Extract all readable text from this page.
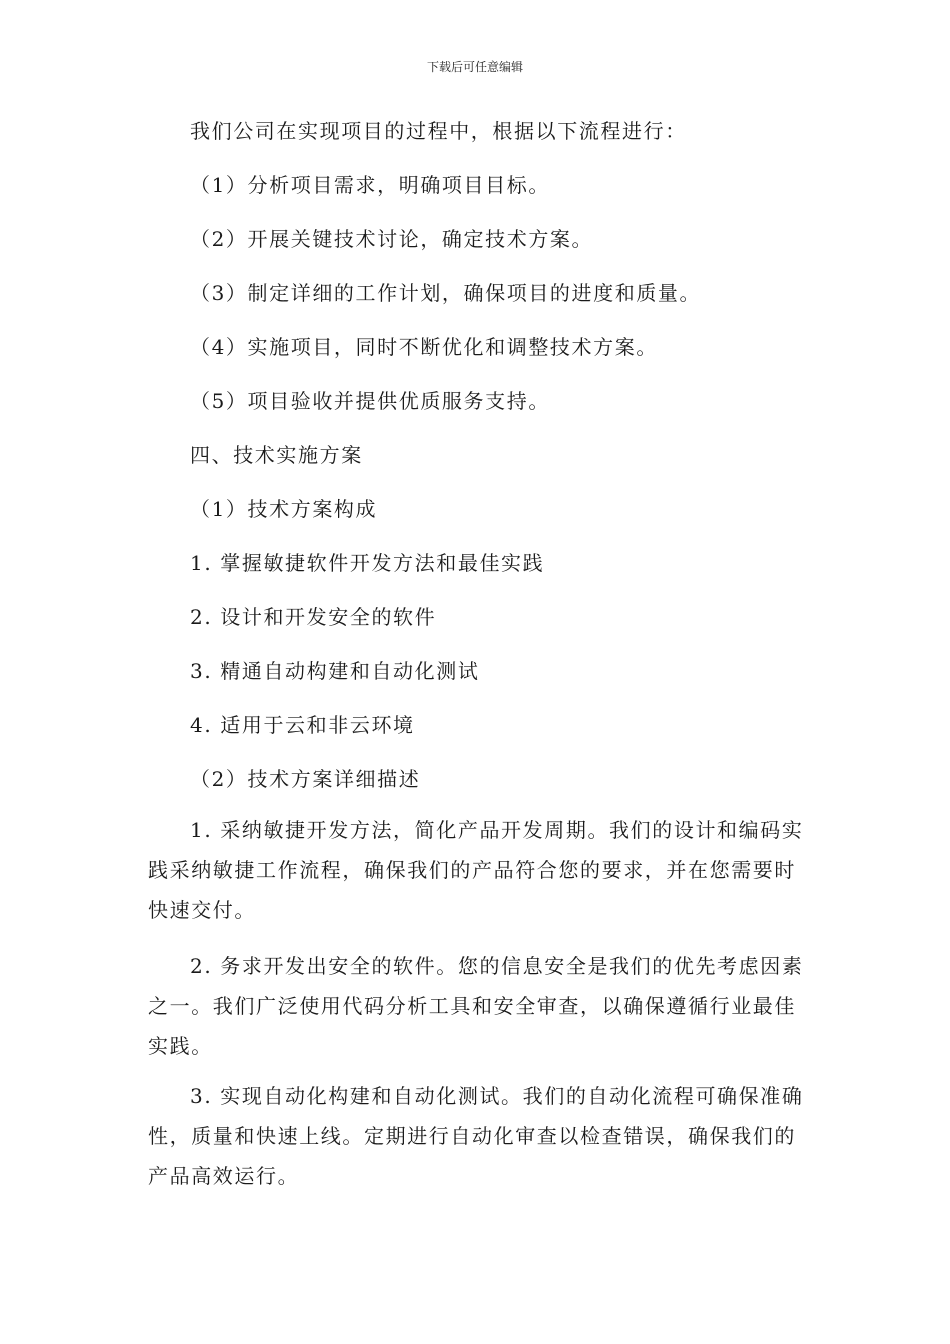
下载后可任意编辑
我们公司在实现项目的过程中，根据以下流程进行：
（1）分析项目需求，明确项目目标。
（2）开展关键技术讨论，确定技术方案。
（3）制定详细的工作计划，确保项目的进度和质量。
（4）实施项目，同时不断优化和调整技术方案。
（5）项目验收并提供优质服务支持。
四、技术实施方案
（1）技术方案构成
1. 掌握敏捷软件开发方法和最佳实践
2. 设计和开发安全的软件
3. 精通自动构建和自动化测试
4. 适用于云和非云环境
（2）技术方案详细描述
1. 采纳敏捷开发方法，简化产品开发周期。我们的设计和编码实践采纳敏捷工作流程，确保我们的产品符合您的要求，并在您需要时快速交付。
2. 务求开发出安全的软件。您的信息安全是我们的优先考虑因素之一。我们广泛使用代码分析工具和安全审查，以确保遵循行业最佳实践。
3. 实现自动化构建和自动化测试。我们的自动化流程可确保准确性，质量和快速上线。定期进行自动化审查以检查错误，确保我们的产品高效运行。
